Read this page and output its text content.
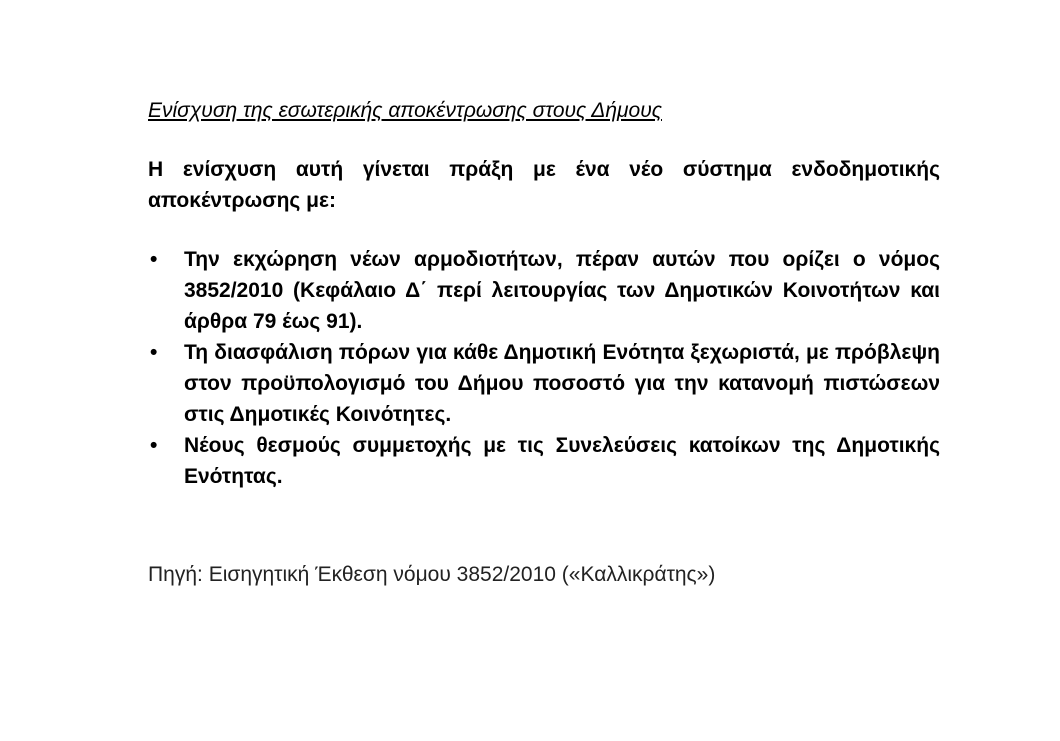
Ενίσχυση της εσωτερικής αποκέντρωσης στους Δήμους

Η ενίσχυση αυτή γίνεται πράξη με ένα νέο σύστημα ενδοδημοτικής αποκέντρωσης με:

• Την εκχώρηση νέων αρμοδιοτήτων, πέραν αυτών που ορίζει ο νόμος 3852/2010 (Κεφάλαιο Δ΄ περί λειτουργίας των Δημοτικών Κοινοτήτων και άρθρα 79 έως 91).
• Τη διασφάλιση πόρων για κάθε Δημοτική Ενότητα ξεχωριστά, με πρόβλεψη στον προϋπολογισμό του Δήμου ποσοστό για την κατανομή πιστώσεων στις Δημοτικές Κοινότητες.
• Νέους θεσμούς συμμετοχής με τις Συνελεύσεις κατοίκων της Δημοτικής Ενότητας.

Πηγή: Εισηγητική Έκθεση νόμου 3852/2010 («Καλλικράτης»)
